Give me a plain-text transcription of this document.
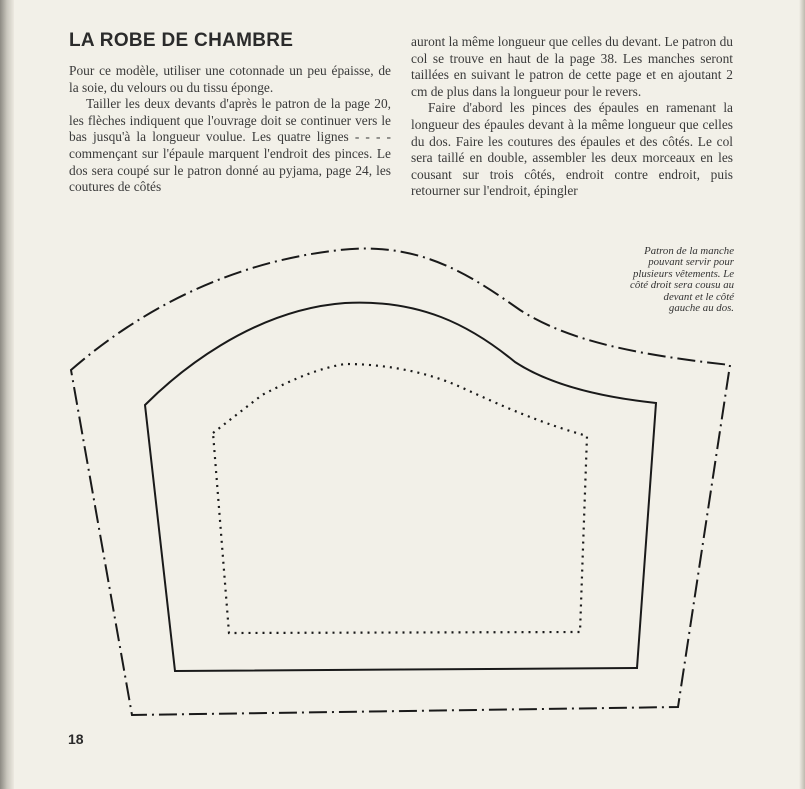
LA ROBE DE CHAMBRE

Pour ce modèle, utiliser une cotonnade un peu épaisse, de la soie, du velours ou du tissu éponge.

Tailler les deux devants d'après le patron de la page 20, les flèches indiquent que l'ouvrage doit se continuer vers le bas jusqu'à la longueur voulue. Les quatre lignes - - - - commençant sur l'épaule marquent l'endroit des pinces. Le dos sera coupé sur le patron donné au pyjama, page 24, les coutures de côtés

auront la même longueur que celles du devant. Le patron du col se trouve en haut de la page 38. Les manches seront taillées en suivant le patron de cette page et en ajoutant 2 cm de plus dans la longueur pour le revers.

Faire d'abord les pinces des épaules en ramenant la longueur des épaules devant à la même longueur que celles du dos. Faire les coutures des épaules et des côtés. Le col sera taillé en double, assembler les deux morceaux en les cousant sur trois côtés, endroit contre endroit, puis retourner sur l'endroit, épingler

Patron de la manche pouvant servir pour plusieurs vêtements. Le côté droit sera cousu au devant et le côté gauche au dos.
18
